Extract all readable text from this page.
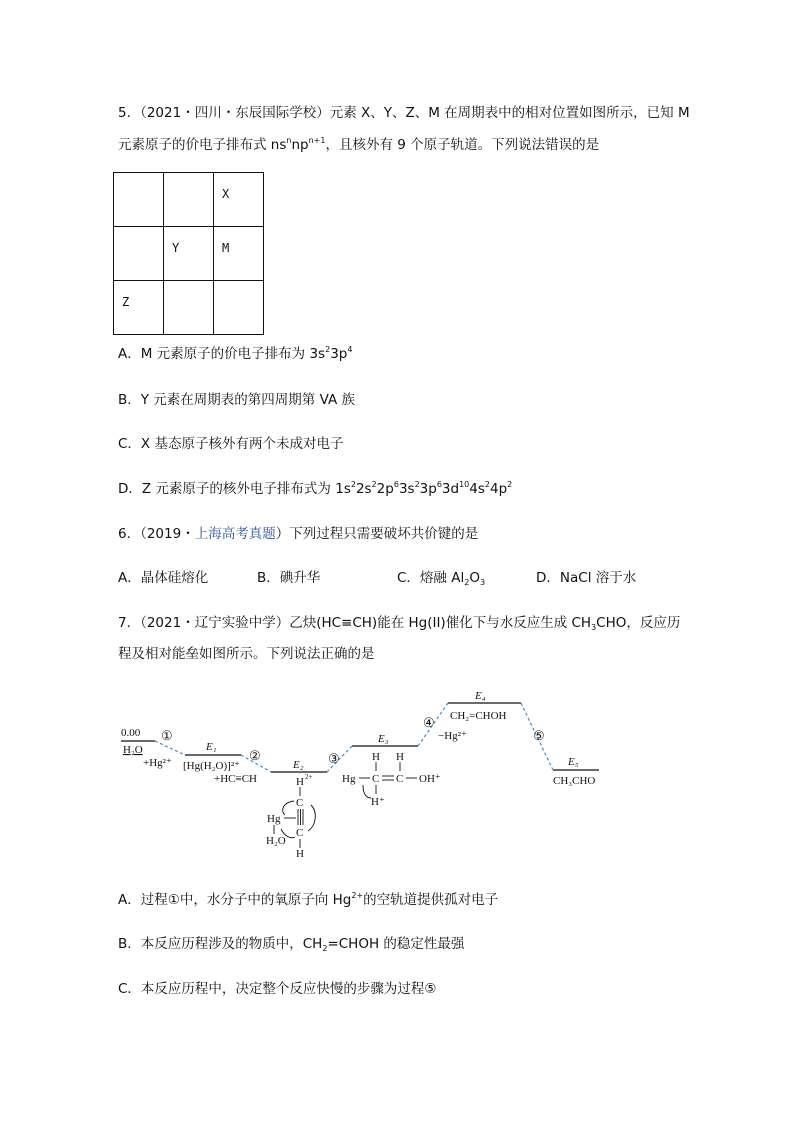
5．（2021・四川・东辰国际学校）元素 X、Y、Z、M 在周期表中的相对位置如图所示，已知 M
元素原子的价电子排布式 $ns^nnp^{n+1}$，且核外有 9 个原子轨道。下列说法错误的是
		X
	Y	M
Z		
A．M 元素原子的价电子排布为 $3s^23p^4$
B．Y 元素在周期表的第四周期第 VA 族
C．X 基态原子核外有两个未成对电子
D．Z 元素原子的核外电子排布式为 $1s^22s^22p^63s^23p^63d^{10}4s^24p^2$
6．（2019・上海高考真题）下列过程只需要破坏共价键的是
A．晶体硅熔化	B．碘升华	C．熔融 $Al_2O_3$	D．NaCl 溶于水
7．（2021・辽宁实验中学）乙炔(HC≡CH)能在 Hg(II)催化下与水反应生成 $CH_3CHO$，反应历
程及相对能垒如图所示。下列说法正确的是
0.00
H₂O
+Hg²⁺
①
②	③
④
⑤
E₁
E₂
E₃
E₄
E₅
[Hg(H₂O)]²⁺
+HC≡CH	H 2+
C
Hg
H₂O
C
H
H H
Hg C C OH⁺
H⁺
CH₂=CHOH
−Hg²⁺
CH₃CHO
A．过程①中，水分子中的氧原子向 $Hg^{2+}$的空轨道提供孤对电子
B．本反应历程涉及的物质中，$CH_2=CHOH$ 的稳定性最强
C．本反应历程中，决定整个反应快慢的步骤为过程⑤
